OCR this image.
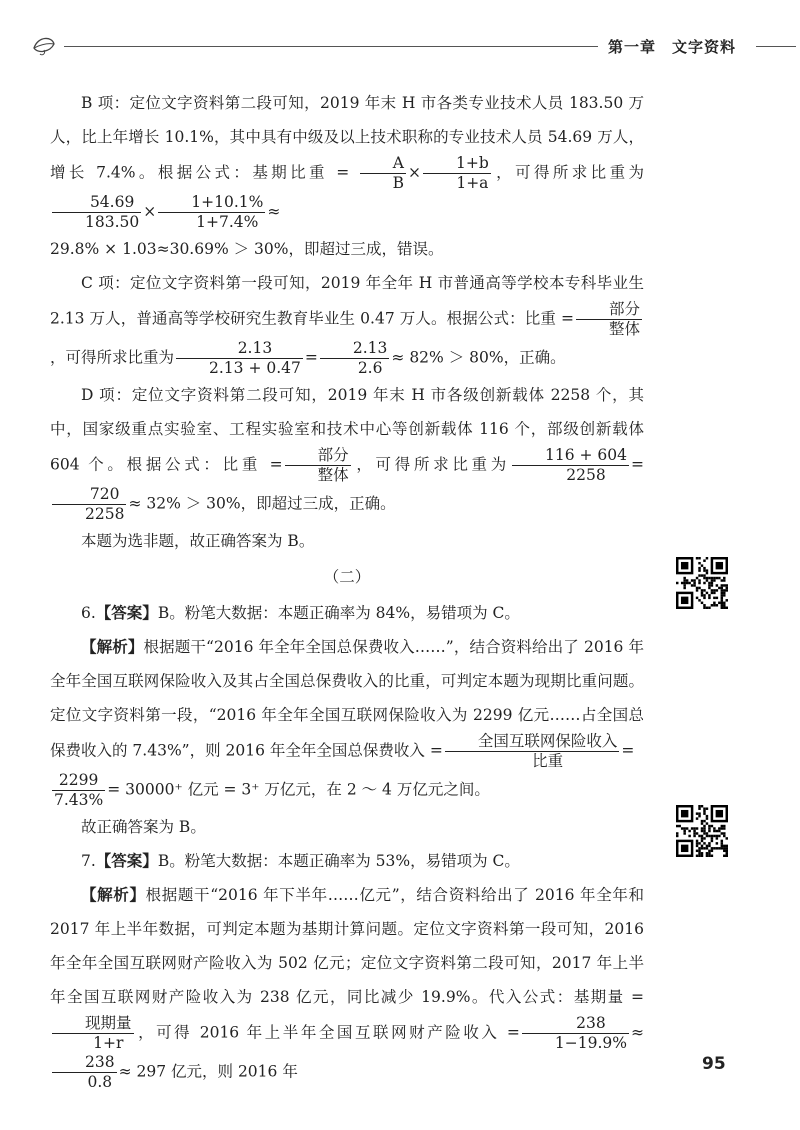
第一章　文字资料

B 项：定位文字资料第二段可知，2019 年末 H 市各类专业技术人员 183.50 万人，比上年增长 10.1%，其中具有中级及以上技术职称的专业技术人员 54.69 万人，增长 7.4%。根据公式：基期比重 = $\frac{A}{B} \times \frac{1+b}{1+a}$ ，可得所求比重为
$\frac{54.69}{183.50} \times \frac{1+10.1\%}{1+7.4\%}$ ≈

29.8% × 1.03≈30.69% ＞ 30%，即超过三成，错误。

C 项：定位文字资料第一段可知，2019 年全年 H 市普通高等学校本专科毕业生 2.13 万人，普通高等学校研究生教育毕业生 0.47 万人。根据公式：比重 = $\frac{\text{部分}}{\text{整体}}$
，可得所求比重为 $\frac{2.13}{2.13 + 0.47} = \frac{2.13}{2.6} \approx 82\% > 80\%$，正确。

D 项：定位文字资料第二段可知，2019 年末 H 市各级创新载体 2258 个，其中，国家级重点实验室、工程实验室和技术中心等创新载体 116 个，部级创新载体 604 个。根据公式：比重 = $\frac{\text{部分}}{\text{整体}}$ ，可得所求比重为 $\frac{116 + 604}{2258}$ =
$\frac{720}{2258} \approx 32\% > 30\%$，即超过三成，正确。

本题为选非题，故正确答案为 B。

（二）

6.【答案】B。粉笔大数据：本题正确率为 84%，易错项为 C。

【解析】根据题干“2016 年全年全国总保费收入……”，结合资料给出了 2016 年全年全国互联网保险收入及其占全国总保费收入的比重，可判定本题为现期比重问题。定位文字资料第一段，“2016 年全年全国互联网保险收入为 2299 亿元……占全国总保费收入的 7.43%”，则 2016 年全年全国总保费收入 = $\frac{\text{全国互联网保险收入}}{\text{比重}}$ =

$\frac{2299}{7.43\%} = 30000^+$ 亿元 = 3⁺ 万亿元，在 2 ～ 4 万亿元之间。

故正确答案为 B。

7.【答案】B。粉笔大数据：本题正确率为 53%，易错项为 C。

【解析】根据题干“2016 年下半年……亿元”，结合资料给出了 2016 年全年和 2017 年上半年数据，可判定本题为基期计算问题。定位文字资料第一段可知，2016 年全年全国互联网财产险收入为 502 亿元；定位文字资料第二段可知，2017 年上半年全国互联网财产险收入为 238 亿元，同比减少 19.9%。代入公式：基期量 =
$\frac{\text{现期量}}{1+r}$ ，可得 2016 年上半年全国互联网财产险收入 = $\frac{238}{1-19.9\%}$ ≈
$\frac{238}{0.8} \approx 297$ 亿元，则 2016 年	95
